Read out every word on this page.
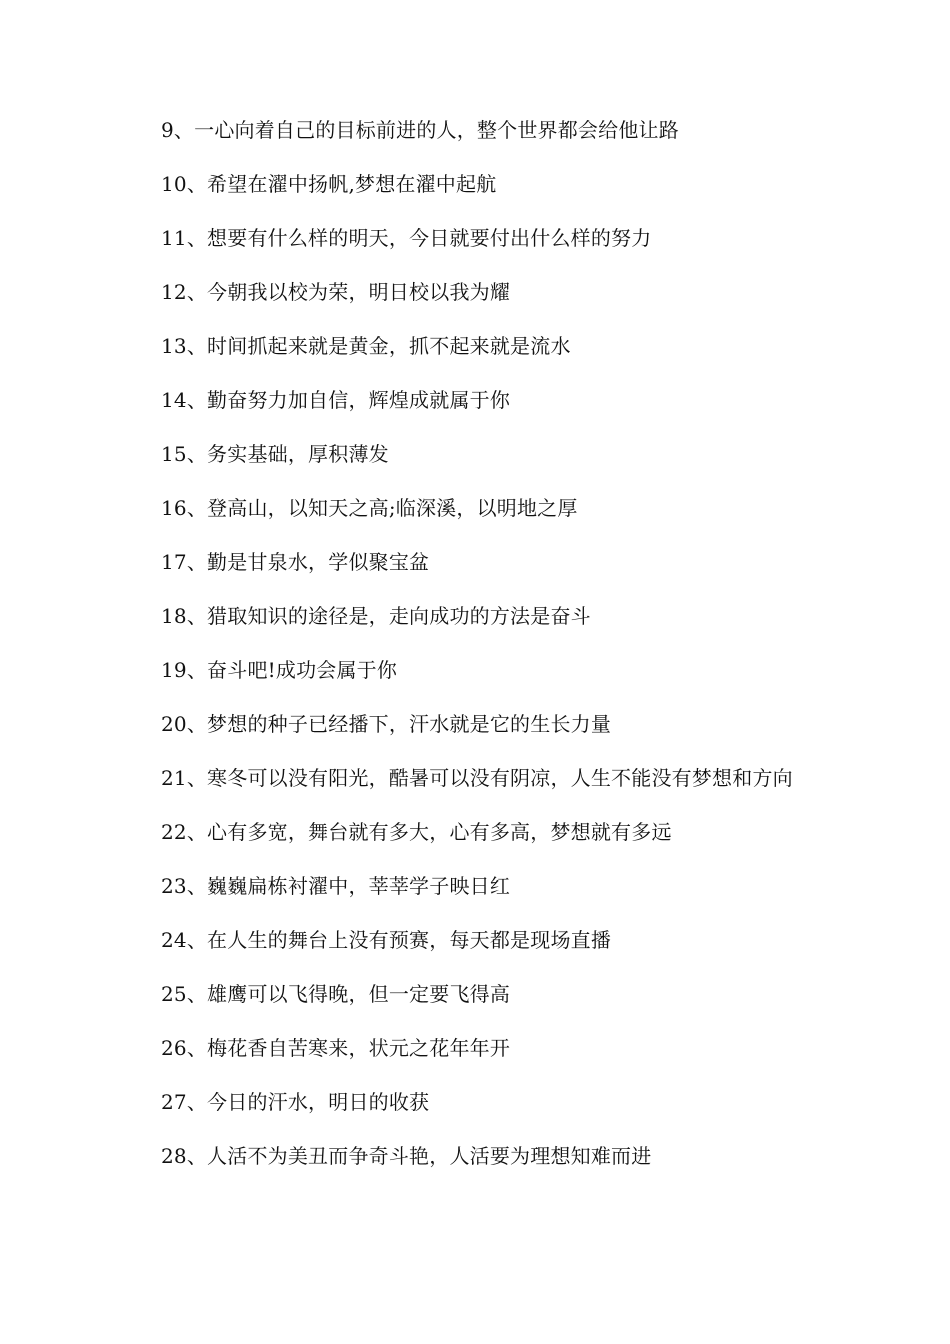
9、一心向着自己的目标前进的人，整个世界都会给他让路

10、希望在濯中扬帆,梦想在濯中起航

11、想要有什么样的明天，今日就要付出什么样的努力

12、今朝我以校为荣，明日校以我为耀

13、时间抓起来就是黄金，抓不起来就是流水

14、勤奋努力加自信，辉煌成就属于你

15、务实基础，厚积薄发

16、登高山，以知天之高;临深溪，以明地之厚

17、勤是甘泉水，学似聚宝盆

18、猎取知识的途径是，走向成功的方法是奋斗

19、奋斗吧!成功会属于你

20、梦想的种子已经播下，汗水就是它的生长力量

21、寒冬可以没有阳光，酷暑可以没有阴凉，人生不能没有梦想和方向

22、心有多宽，舞台就有多大，心有多高，梦想就有多远

23、巍巍扁栋衬濯中，莘莘学子映日红

24、在人生的舞台上没有预赛，每天都是现场直播

25、雄鹰可以飞得晚，但一定要飞得高

26、梅花香自苦寒来，状元之花年年开

27、今日的汗水，明日的收获

28、人活不为美丑而争奇斗艳，人活要为理想知难而进
